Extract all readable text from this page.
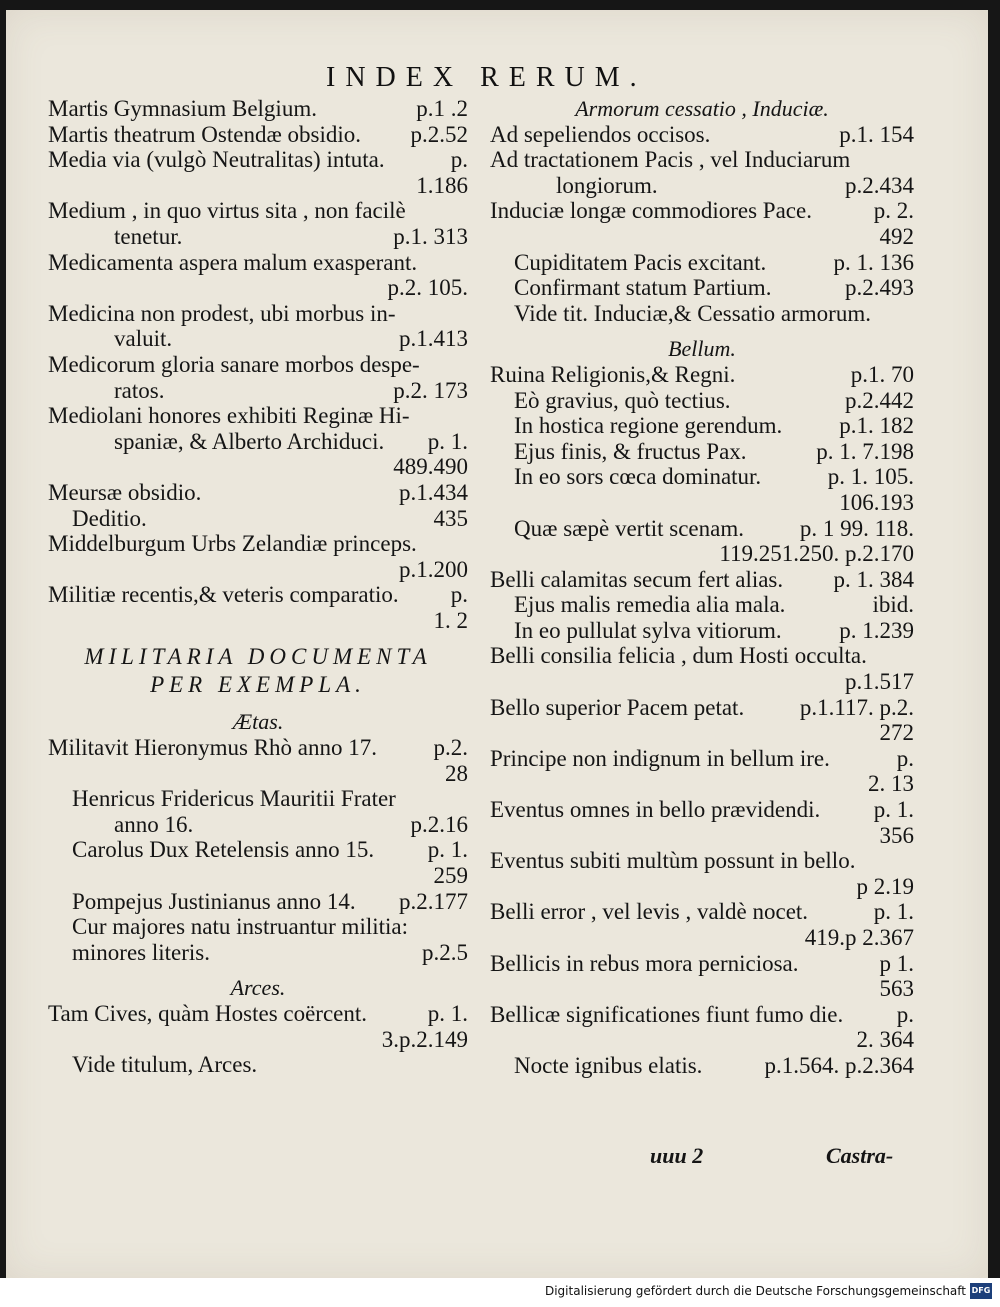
INDEX RERUM.
Martis Gymnasium Belgium.	p.1 .2
Martis theatrum Ostendæ obsidio. p.2.52
Media via (vulgò Neutralitas) intuta.	p.
1.186
Medium , in quo virtus sita , non facilè
tenetur.	p.1. 313
Medicamenta aspera malum exasperant.
p.2. 105.
Medicina non prodest, ubi morbus in-
valuit.	p.1.413
Medicorum gloria sanare morbos despe-
ratos.	p.2. 173
Mediolani honores exhibiti Reginæ Hi-
spaniæ, & Alberto Archiduci. p. 1.
489.490
Meursæ obsidio.	p.1.434
Deditio.	435
Middelburgum Urbs Zelandiæ princeps.
p.1.200
Militiæ recentis,& veteris comparatio. p.
1. 2
MILITARIA DOCUMENTA
PER EXEMPLA.
Ætas.
Militavit Hieronymus Rhò anno 17. p.2.
28
Henricus Fridericus Mauritii Frater
anno 16.	p.2.16
Carolus Dux Retelensis anno 15. p. 1.
259
Pompejus Justinianus anno 14. p.2.177
Cur majores natu instruantur militia:
minores literis.	p.2.5
Arces.
Tam Cives, quàm Hostes coërcent.	p. 1.
3.p.2.149
Vide titulum, Arces.
Armorum cessatio , Induciæ.
Ad sepeliendos occisos.	p.1. 154
Ad tractationem Pacis , vel Induciarum
longiorum.	p.2.434
Induciæ longæ commodiores Pace.	p. 2.
492
Cupiditatem Pacis excitant.	p. 1. 136
Confirmant statum Partium.	p.2.493
Vide tit. Induciæ,& Cessatio armorum.
Bellum.
Ruina Religionis,& Regni.	p.1. 70
Eò gravius, quò tectius.	p.2.442
In hostica regione gerendum. p.1. 182
Ejus finis, & fructus Pax.	p. 1. 7.198
In eo sors cœca dominatur.	p. 1. 105.
106.193
Quæ sæpè vertit scenam. p. 1 99. 118.
119.251.250. p.2.170
Belli calamitas secum fert alias. p. 1. 384
Ejus malis remedia alia mala.	ibid.
In eo pullulat sylva vitiorum.	p. 1.239
Belli consilia felicia , dum Hosti occulta.
p.1.517
Bello superior Pacem petat. p.1.117. p.2.
272
Principe non indignum in bellum ire.	p.
2. 13
Eventus omnes in bello prævidendi. p. 1.
356
Eventus subiti multùm possunt in bello.
p 2.19
Belli error , vel levis , valdè nocet.	p. 1.
419.p 2.367
Bellicis in rebus mora perniciosa.	p 1.
563
Bellicæ significationes fiunt fumo die. p.
2. 364
Nocte ignibus elatis.	p.1.564. p.2.364
uuu 2	Castra-
Digitalisierung gefördert durch die Deutsche Forschungsgemeinschaft DFG
